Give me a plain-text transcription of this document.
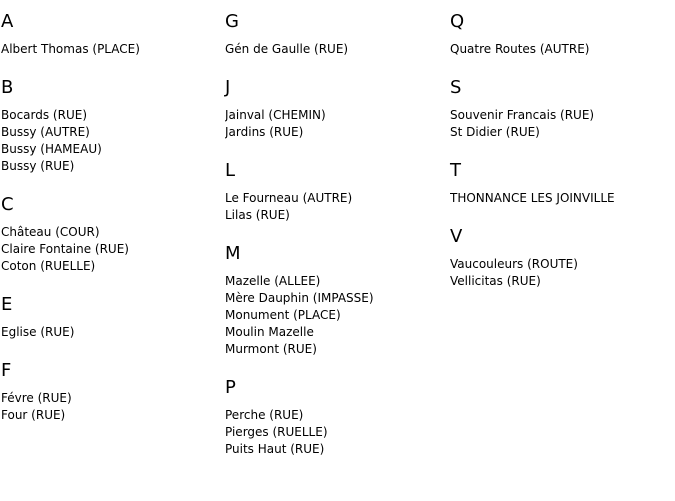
A
Albert Thomas (PLACE)
B
Bocards (RUE)
Bussy (AUTRE)
Bussy (HAMEAU)
Bussy (RUE)
C
Château (COUR)
Claire Fontaine (RUE)
Coton (RUELLE)
E
Eglise (RUE)
F
Févre (RUE)
Four (RUE)
G
Gén de Gaulle (RUE)
J
Jainval (CHEMIN)
Jardins (RUE)
L
Le Fourneau (AUTRE)
Lilas (RUE)
M
Mazelle (ALLEE)
Mère Dauphin (IMPASSE)
Monument (PLACE)
Moulin Mazelle
Murmont (RUE)
P
Perche (RUE)
Pierges (RUELLE)
Puits Haut (RUE)
Q
Quatre Routes (AUTRE)
S
Souvenir Francais (RUE)
St Didier (RUE)
T
THONNANCE LES JOINVILLE
V
Vaucouleurs (ROUTE)
Vellicitas (RUE)
